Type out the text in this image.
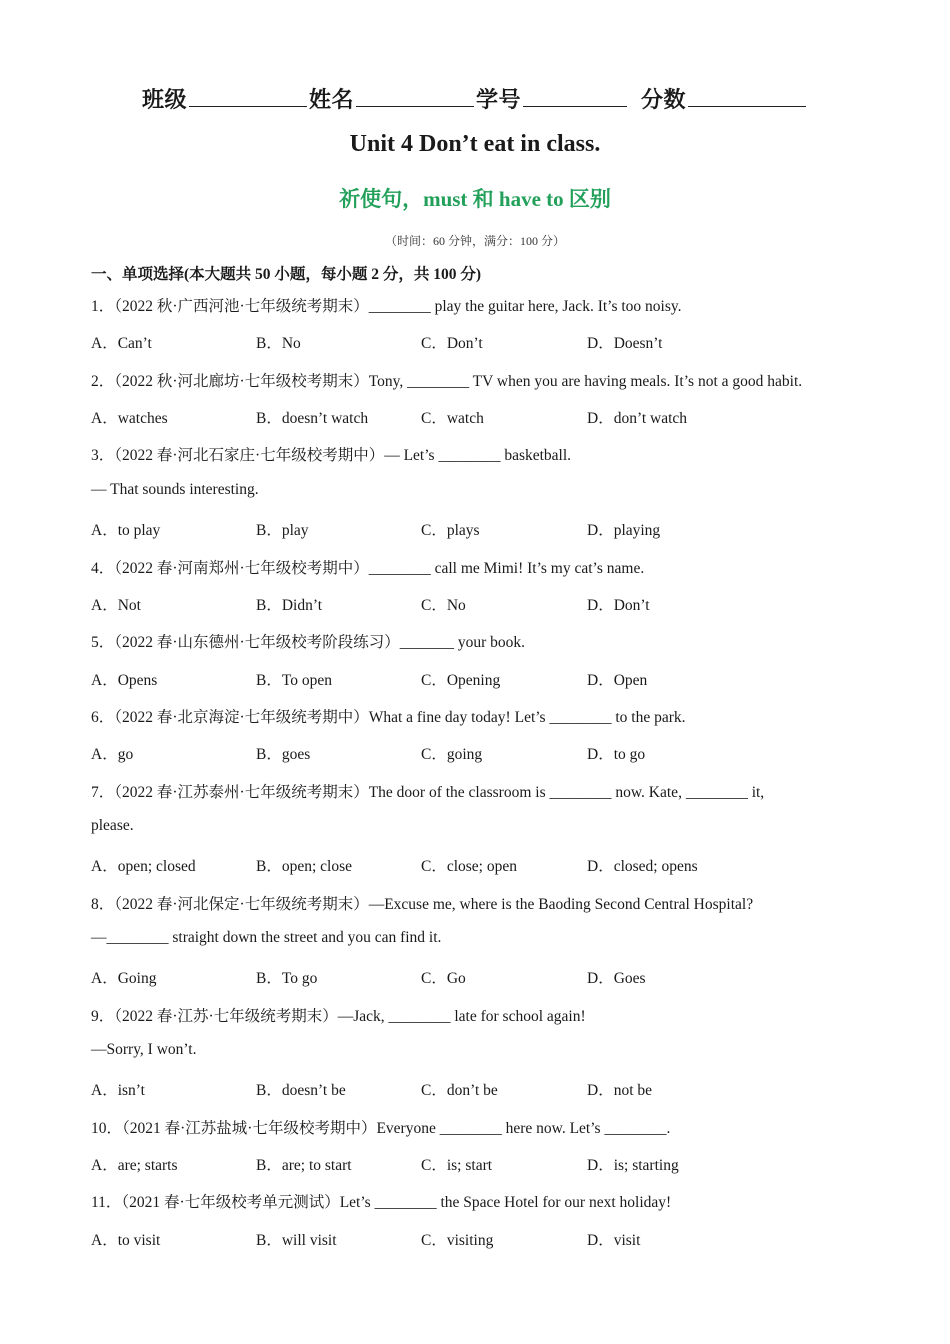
班级	姓名	学号	分数
Unit 4 Don’t eat in class.
祈使句，must 和 have to 区别
（时间：60 分钟，满分：100 分）
一、单项选择(本大题共 50 小题，每小题 2 分，共 100 分)
1．（2022 秋·广西河池·七年级统考期末）________ play the guitar here, Jack. It’s too noisy.
A．Can’t	B．No	C．Don’t	D．Doesn’t
2．（2022 秋·河北廊坊·七年级校考期末）Tony, ________ TV when you are having meals. It’s not a good habit.
A．watches	B．doesn’t watch	C．watch	D．don’t watch
3．（2022 春·河北石家庄·七年级校考期中）— Let’s ________ basketball.
— That sounds interesting.
A．to play	B．play	C．plays	D．playing
4．（2022 春·河南郑州·七年级校考期中）________ call me Mimi! It’s my cat’s name.
A．Not	B．Didn’t	C．No	D．Don’t
5．（2022 春·山东德州·七年级校考阶段练习）_______ your book.
A．Opens	B．To open	C．Opening	D．Open
6．（2022 春·北京海淀·七年级统考期中）What a fine day today! Let’s ________ to the park.
A．go	B．goes	C．going	D．to go
7．（2022 春·江苏泰州·七年级统考期末）The door of the classroom is ________ now. Kate, ________ it,
please.
A．open; closed	B．open; close	C．close; open	D．closed; opens
8．（2022 春·河北保定·七年级统考期末）—Excuse me, where is the Baoding Second Central Hospital?
—________ straight down the street and you can find it.
A．Going	B．To go	C．Go	D．Goes
9．（2022 春·江苏·七年级统考期末）—Jack, ________ late for school again!
—Sorry, I won’t.
A．isn’t	B．doesn’t be	C．don’t be	D．not be
10．（2021 春·江苏盐城·七年级校考期中）Everyone ________ here now. Let’s ________.
A．are; starts	B．are; to start	C．is; start	D．is; starting
11．（2021 春·七年级校考单元测试）Let’s ________ the Space Hotel for our next holiday!
A．to visit	B．will visit	C．visiting	D．visit
